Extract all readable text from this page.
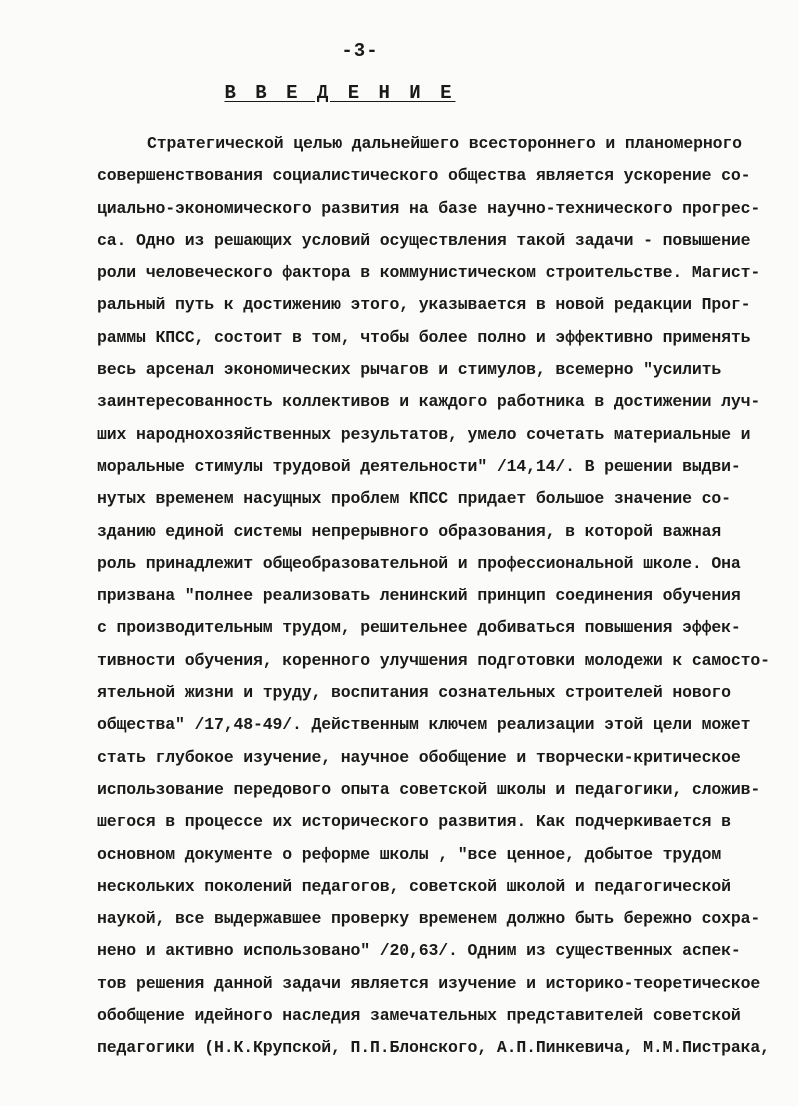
-3-
В В Е Д Е Н И Е
Стратегической целью дальнейшего всестороннего и планомерного
совершенствования социалистического общества является ускорение со-
циально-экономического развития на базе научно-технического прогрес-
са. Одно из решающих условий осуществления такой задачи - повышение
роли человеческого фактора в коммунистическом строительстве. Магист-
ральный путь к достижению этого, указывается в новой редакции Прог-
раммы КПСС, состоит в том, чтобы более полно и эффективно применять
весь арсенал экономических рычагов и стимулов, всемерно "усилить
заинтересованность коллективов и каждого работника в достижении луч-
ших народнохозяйственных результатов, умело сочетать материальные и
моральные стимулы трудовой деятельности" /14,14/. В решении выдви-
нутых временем насущных проблем КПСС придает большое значение со-
зданию единой системы непрерывного образования, в которой важная
роль принадлежит общеобразовательной и профессиональной школе. Она
призвана "полнее реализовать ленинский принцип соединения обучения
с производительным трудом, решительнее добиваться повышения эффек-
тивности обучения, коренного улучшения подготовки молодежи к самосто-
ятельной жизни и труду, воспитания сознательных строителей нового
общества" /17,48-49/. Действенным ключем реализации этой цели может
стать глубокое изучение, научное обобщение и творчески-критическое
использование передового опыта советской школы и педагогики, сложив-
шегося в процессе их исторического развития. Как подчеркивается в
основном документе о реформе школы , "все ценное, добытое трудом
нескольких поколений педагогов, советской школой и педагогической
наукой, все выдержавшее проверку временем должно быть бережно сохра-
нено и активно использовано" /20,63/. Одним из существенных аспек-
тов решения данной задачи является изучение и историко-теоретическое
обобщение идейного наследия замечательных представителей советской
педагогики (Н.К.Крупской, П.П.Блонского, А.П.Пинкевича, М.М.Пистрака,
